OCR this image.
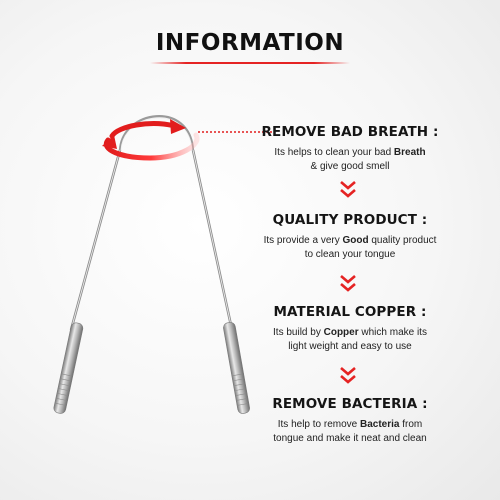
INFORMATION
REMOVE BAD BREATH :
Its helps to clean your bad Breath
& give good smell
QUALITY PRODUCT :
Its provide a very Good quality product
to clean your tongue
MATERIAL COPPER :
Its build by Copper which make its
light weight and easy to use
REMOVE BACTERIA :
Its help to remove Bacteria from
tongue and make it neat and clean
